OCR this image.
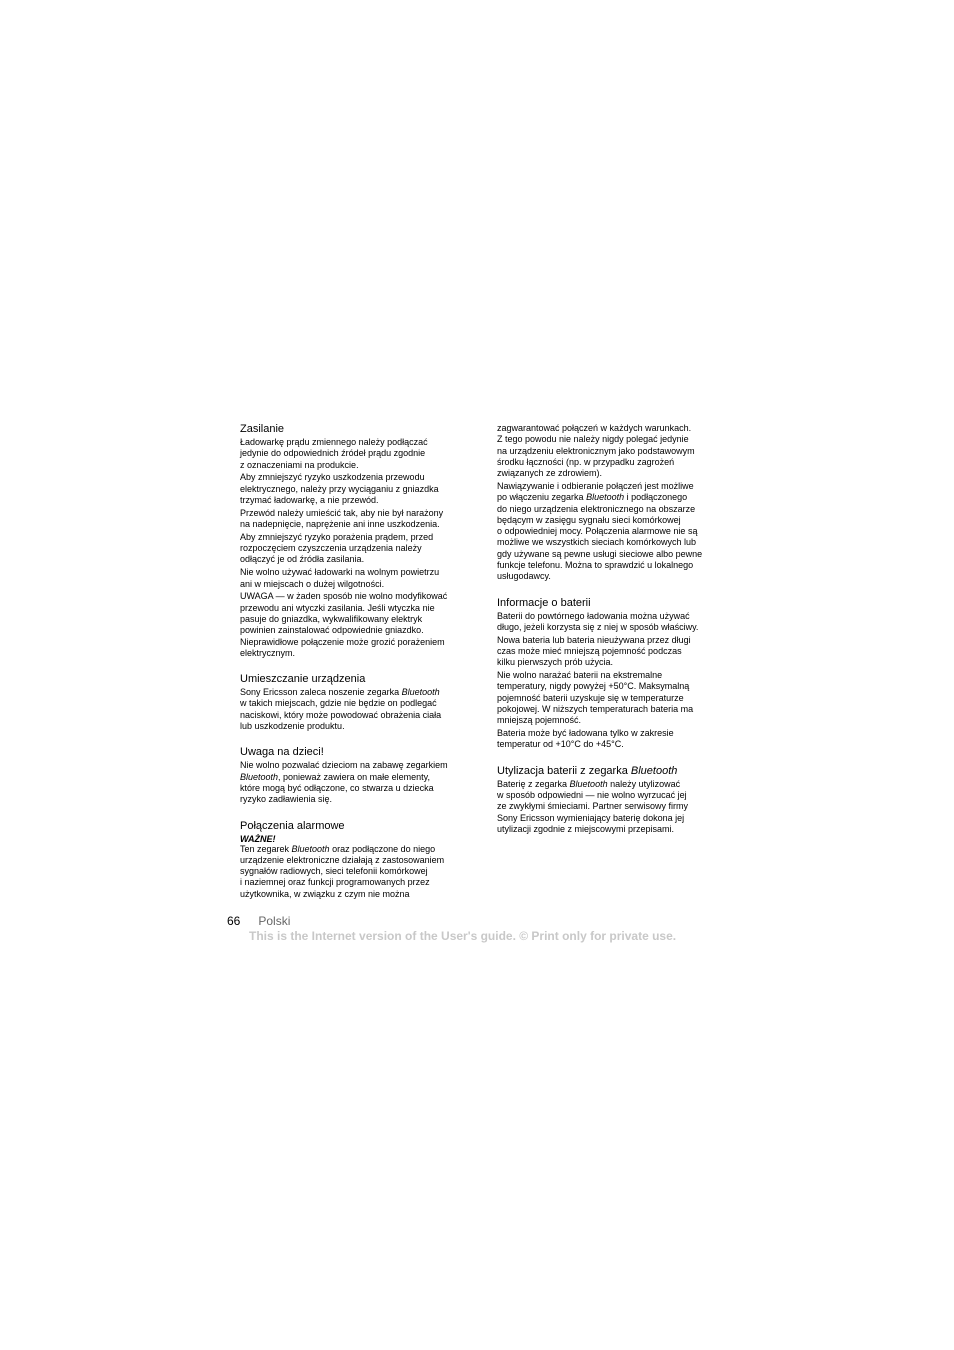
Zasilanie
Ładowarkę prądu zmiennego należy podłączać
jedynie do odpowiednich źródeł prądu zgodnie
z oznaczeniami na produkcie.
Aby zmniejszyć ryzyko uszkodzenia przewodu
elektrycznego, należy przy wyciąganiu z gniazdka
trzymać ładowarkę, a nie przewód.
Przewód należy umieścić tak, aby nie był narażony
na nadepnięcie, naprężenie ani inne uszkodzenia.
Aby zmniejszyć ryzyko porażenia prądem, przed
rozpoczęciem czyszczenia urządzenia należy
odłączyć je od źródła zasilania.
Nie wolno używać ładowarki na wolnym powietrzu
ani w miejscach o dużej wilgotności.
UWAGA — w żaden sposób nie wolno modyfikować
przewodu ani wtyczki zasilania. Jeśli wtyczka nie
pasuje do gniazdka, wykwalifikowany elektryk
powinien zainstalować odpowiednie gniazdko.
Nieprawidłowe połączenie może grozić porażeniem
elektrycznym.
Umieszczanie urządzenia
Sony Ericsson zaleca noszenie zegarka Bluetooth
w takich miejscach, gdzie nie będzie on podlegać
naciskowi, który może powodować obrażenia ciała
lub uszkodzenie produktu.
Uwaga na dzieci!
Nie wolno pozwalać dzieciom na zabawę zegarkiem
Bluetooth, ponieważ zawiera on małe elementy,
które mogą być odłączone, co stwarza u dziecka
ryzyko zadławienia się.
Połączenia alarmowe
WAŻNE!
Ten zegarek Bluetooth oraz podłączone do niego
urządzenie elektroniczne działają z zastosowaniem
sygnałów radiowych, sieci telefonii komórkowej
i naziemnej oraz funkcji programowanych przez
użytkownika, w związku z czym nie można
zagwarantować połączeń w każdych warunkach.
Z tego powodu nie należy nigdy polegać jedynie
na urządzeniu elektronicznym jako podstawowym
środku łączności (np. w przypadku zagrożeń
związanych ze zdrowiem).
Nawiązywanie i odbieranie połączeń jest możliwe
po włączeniu zegarka Bluetooth i podłączonego
do niego urządzenia elektronicznego na obszarze
będącym w zasięgu sygnału sieci komórkowej
o odpowiedniej mocy. Połączenia alarmowe nie są
możliwe we wszystkich sieciach komórkowych lub
gdy używane są pewne usługi sieciowe albo pewne
funkcje telefonu. Można to sprawdzić u lokalnego
usługodawcy.
Informacje o baterii
Baterii do powtórnego ładowania można używać
długo, jeżeli korzysta się z niej w sposób właściwy.
Nowa bateria lub bateria nieużywana przez długi
czas może mieć mniejszą pojemność podczas
kilku pierwszych prób użycia.
Nie wolno narażać baterii na ekstremalne
temperatury, nigdy powyżej +50°C. Maksymalną
pojemność baterii uzyskuje się w temperaturze
pokojowej. W niższych temperaturach bateria ma
mniejszą pojemność.
Bateria może być ładowana tylko w zakresie
temperatur od +10°C do +45°C.
Utylizacja baterii z zegarka Bluetooth
Baterię z zegarka Bluetooth należy utylizować
w sposób odpowiedni — nie wolno wyrzucać jej
ze zwykłymi śmieciami. Partner serwisowy firmy
Sony Ericsson wymieniający baterię dokona jej
utylizacji zgodnie z miejscowymi przepisami.
66 Polski
This is the Internet version of the User's guide. © Print only for private use.
